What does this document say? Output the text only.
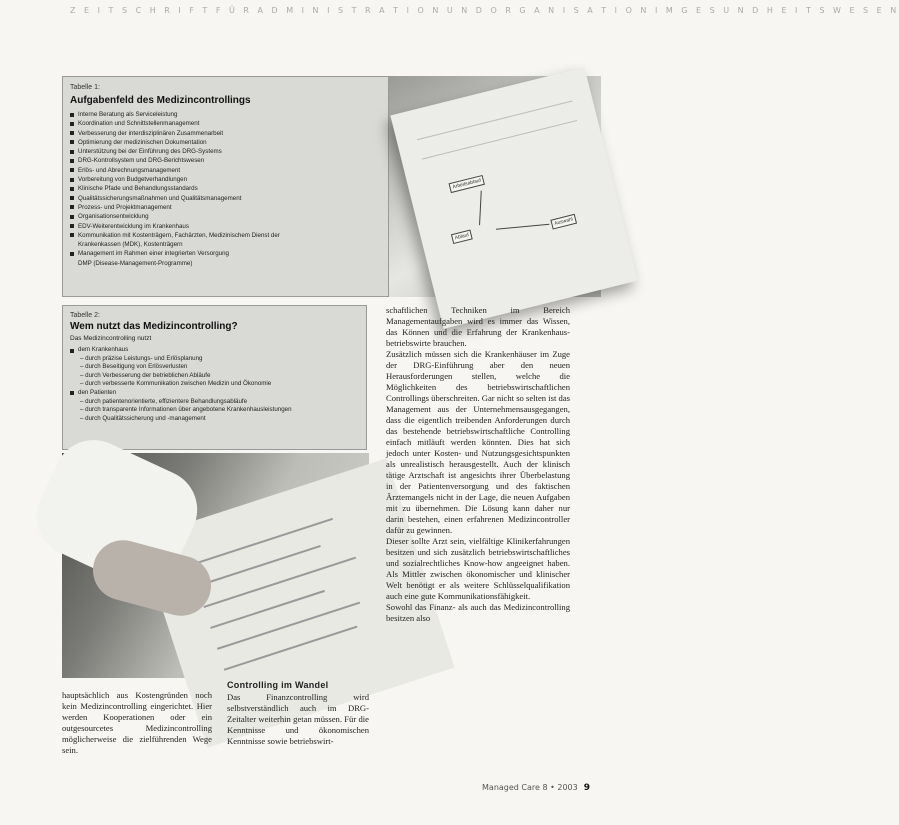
Z E I T S C H R I F T F Ü R A D M I N I S T R A T I O N U N D O R G A N I S A T I O N I M G E S U N D H E I T S W E S E N
Tabelle 1:
Aufgabenfeld des Medizincontrollings
Interne Beratung als Serviceleistung
Koordination und Schnittstellenmanagement
Verbesserung der interdisziplinären Zusammenarbeit
Optimierung der medizinischen Dokumentation
Unterstützung bei der Einführung des DRG-Systems
DRG-Kontrollsystem und DRG-Berichtswesen
Erlös- und Abrechnungsmanagement
Vorbereitung von Budgetverhandlungen
Klinische Pfade und Behandlungsstandards
Qualitätssicherungsmaßnahmen und Qualitätsmanagement
Prozess- und Projektmanagement
Organisationsentwicklung
EDV-Weiterentwicklung im Krankenhaus
Kommunikation mit Kostenträgern, Fachärzten, Medizinischem Dienst der
Krankenkassen (MDK), Kostenträgern
Management im Rahmen einer integrierten Versorgung
DMP (Disease-Management-Programme)
Arbeitsablauf
Ablauf
Auswahl
Tabelle 2:
Wem nutzt das Medizincontrolling?
Das Medizincontrolling nutzt
dem Krankenhaus
– durch präzise Leistungs- und Erlösplanung
– durch Beseitigung von Erlösverlusten
– durch Verbesserung der betrieblichen Abläufe
– durch verbesserte Kommunikation zwischen Medizin und Ökonomie
den Patienten
– durch patientenorientierte, effizientere Behandlungsabläufe
– durch transparente Informationen über angebotene Krankenhausleistungen
– durch Qualitätssicherung und -management

hauptsächlich aus Kostengründen noch kein Medizincontrolling eingerichtet. Hier werden Kooperationen oder ein outgesourcetes Medizincontrolling möglicherweise die zielführenden Wege sein.

Controlling im Wandel

Das Finanzcontrolling wird selbstverständlich auch im DRG-Zeitalter weiterhin getan müssen. Für die Kenntnisse und ökonomischen Kenntnisse sowie betriebswirt-

schaftlichen Techniken im Bereich Managementaufgaben wird es immer das Wissen, das Können und die Erfahrung der Krankenhaus-betriebswirte brauchen.

Zusätzlich müssen sich die Krankenhäuser im Zuge der DRG-Einführung aber den neuen Herausforderungen stellen, welche die Möglichkeiten des betriebswirtschaftlichen Controllings überschreiten. Gar nicht so selten ist das Management aus der Unternehmensausgegangen, dass die eigentlich treibenden Anforderungen durch das bestehende betriebswirtschaftliche Controlling einfach mitläuft werden könnten. Dies hat sich jedoch unter Kosten- und Nutzungsgesichtspunkten als unrealistisch herausgestellt. Auch der klinisch tätige Arztschaft ist angesichts ihrer Überbelastung in der Patientenversorgung und des faktischen Ärztemangels nicht in der Lage, die neuen Aufgaben mit zu übernehmen. Die Lösung kann daher nur darin bestehen, einen erfahrenen Medizincontroller dafür zu gewinnen.

Dieser sollte Arzt sein, vielfältige Klinikerfahrungen besitzen und sich zusätzlich betriebswirtschaftliches und sozialrechtliches Know-how angeeignet haben. Als Mittler zwischen ökonomischer und klinischer Welt benötigt er als weitere Schlüsselqualifikation auch eine gute Kommunikationsfähigkeit.

Sowohl das Finanz- als auch das Medizincontrolling besitzen also

Managed Care 8 • 2003 9
